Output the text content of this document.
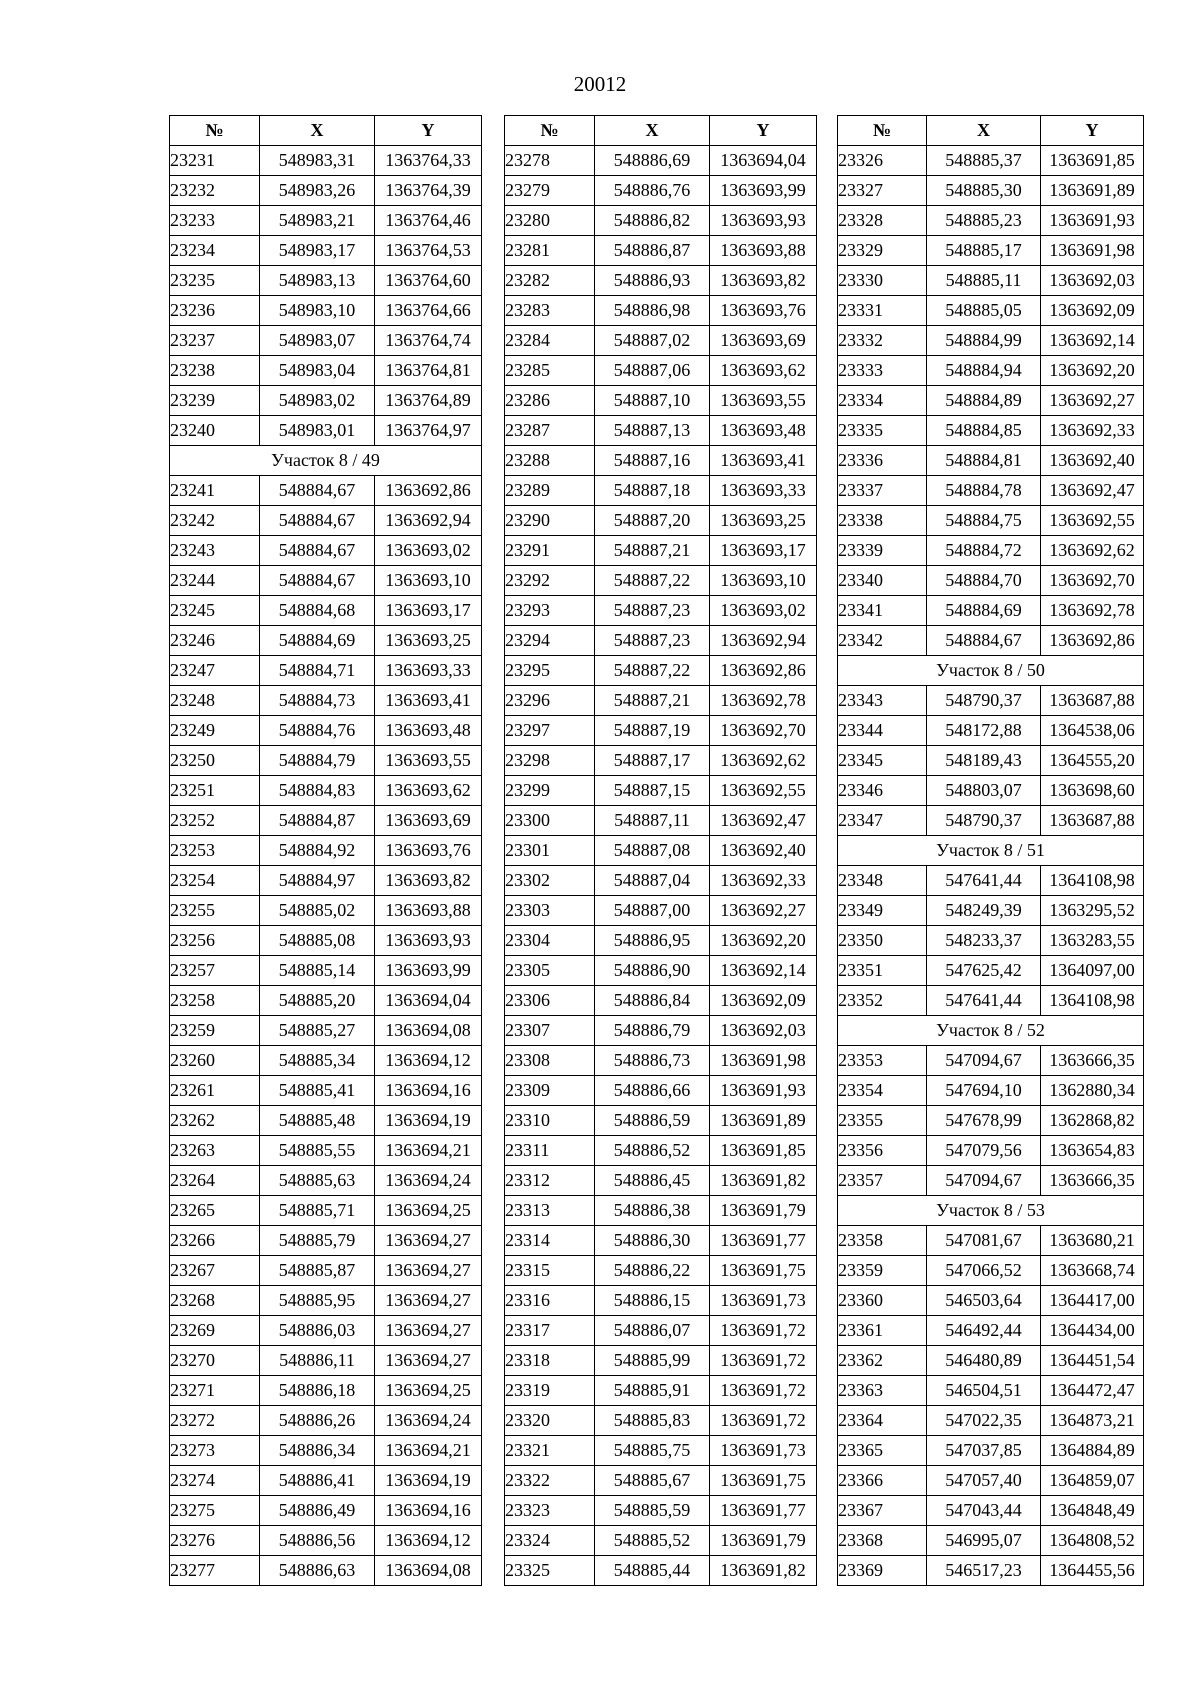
20012
№	X	Y
23231	548983,31	1363764,33
23232	548983,26	1363764,39
23233	548983,21	1363764,46
23234	548983,17	1363764,53
23235	548983,13	1363764,60
23236	548983,10	1363764,66
23237	548983,07	1363764,74
23238	548983,04	1363764,81
23239	548983,02	1363764,89
23240	548983,01	1363764,97
Участок 8 / 49		
23241	548884,67	1363692,86
23242	548884,67	1363692,94
23243	548884,67	1363693,02
23244	548884,67	1363693,10
23245	548884,68	1363693,17
23246	548884,69	1363693,25
23247	548884,71	1363693,33
23248	548884,73	1363693,41
23249	548884,76	1363693,48
23250	548884,79	1363693,55
23251	548884,83	1363693,62
23252	548884,87	1363693,69
23253	548884,92	1363693,76
23254	548884,97	1363693,82
23255	548885,02	1363693,88
23256	548885,08	1363693,93
23257	548885,14	1363693,99
23258	548885,20	1363694,04
23259	548885,27	1363694,08
23260	548885,34	1363694,12
23261	548885,41	1363694,16
23262	548885,48	1363694,19
23263	548885,55	1363694,21
23264	548885,63	1363694,24
23265	548885,71	1363694,25
23266	548885,79	1363694,27
23267	548885,87	1363694,27
23268	548885,95	1363694,27
23269	548886,03	1363694,27
23270	548886,11	1363694,27
23271	548886,18	1363694,25
23272	548886,26	1363694,24
23273	548886,34	1363694,21
23274	548886,41	1363694,19
23275	548886,49	1363694,16
23276	548886,56	1363694,12
23277	548886,63	1363694,08
№	X	Y
23278	548886,69	1363694,04
23279	548886,76	1363693,99
23280	548886,82	1363693,93
23281	548886,87	1363693,88
23282	548886,93	1363693,82
23283	548886,98	1363693,76
23284	548887,02	1363693,69
23285	548887,06	1363693,62
23286	548887,10	1363693,55
23287	548887,13	1363693,48
23288	548887,16	1363693,41
23289	548887,18	1363693,33
23290	548887,20	1363693,25
23291	548887,21	1363693,17
23292	548887,22	1363693,10
23293	548887,23	1363693,02
23294	548887,23	1363692,94
23295	548887,22	1363692,86
23296	548887,21	1363692,78
23297	548887,19	1363692,70
23298	548887,17	1363692,62
23299	548887,15	1363692,55
23300	548887,11	1363692,47
23301	548887,08	1363692,40
23302	548887,04	1363692,33
23303	548887,00	1363692,27
23304	548886,95	1363692,20
23305	548886,90	1363692,14
23306	548886,84	1363692,09
23307	548886,79	1363692,03
23308	548886,73	1363691,98
23309	548886,66	1363691,93
23310	548886,59	1363691,89
23311	548886,52	1363691,85
23312	548886,45	1363691,82
23313	548886,38	1363691,79
23314	548886,30	1363691,77
23315	548886,22	1363691,75
23316	548886,15	1363691,73
23317	548886,07	1363691,72
23318	548885,99	1363691,72
23319	548885,91	1363691,72
23320	548885,83	1363691,72
23321	548885,75	1363691,73
23322	548885,67	1363691,75
23323	548885,59	1363691,77
23324	548885,52	1363691,79
23325	548885,44	1363691,82
№	X	Y
23326	548885,37	1363691,85
23327	548885,30	1363691,89
23328	548885,23	1363691,93
23329	548885,17	1363691,98
23330	548885,11	1363692,03
23331	548885,05	1363692,09
23332	548884,99	1363692,14
23333	548884,94	1363692,20
23334	548884,89	1363692,27
23335	548884,85	1363692,33
23336	548884,81	1363692,40
23337	548884,78	1363692,47
23338	548884,75	1363692,55
23339	548884,72	1363692,62
23340	548884,70	1363692,70
23341	548884,69	1363692,78
23342	548884,67	1363692,86
Участок 8 / 50		
23343	548790,37	1363687,88
23344	548172,88	1364538,06
23345	548189,43	1364555,20
23346	548803,07	1363698,60
23347	548790,37	1363687,88
Участок 8 / 51		
23348	547641,44	1364108,98
23349	548249,39	1363295,52
23350	548233,37	1363283,55
23351	547625,42	1364097,00
23352	547641,44	1364108,98
Участок 8 / 52		
23353	547094,67	1363666,35
23354	547694,10	1362880,34
23355	547678,99	1362868,82
23356	547079,56	1363654,83
23357	547094,67	1363666,35
Участок 8 / 53		
23358	547081,67	1363680,21
23359	547066,52	1363668,74
23360	546503,64	1364417,00
23361	546492,44	1364434,00
23362	546480,89	1364451,54
23363	546504,51	1364472,47
23364	547022,35	1364873,21
23365	547037,85	1364884,89
23366	547057,40	1364859,07
23367	547043,44	1364848,49
23368	546995,07	1364808,52
23369	546517,23	1364455,56
